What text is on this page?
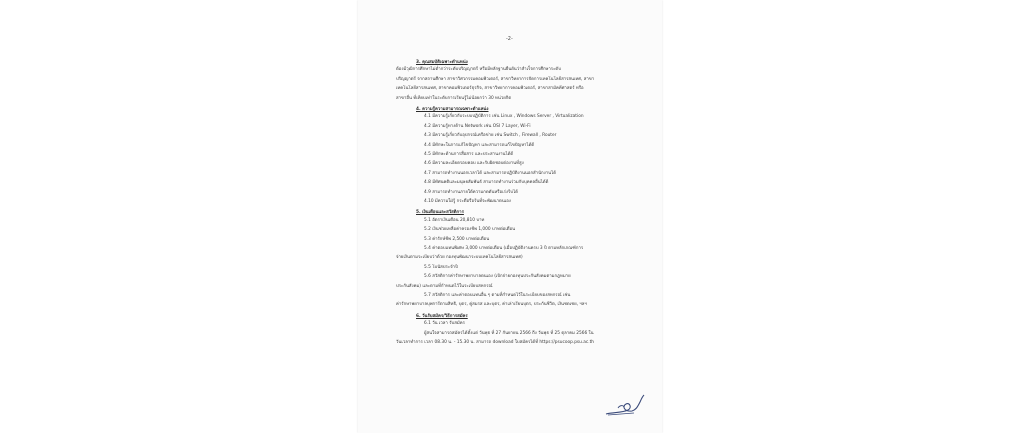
-2-
3. คุณสมบัติเฉพาะตำแหน่ง
ต้องมีวุฒิการศึกษาไม่ต่ำกว่าระดับปริญญาตรี หรือมีหลักฐานยืนยันว่าสำเร็จการศึกษาระดับ
ปริญญาตรี จากสถานศึกษา สาขาวิศวกรรมคอมพิวเตอร์, สาขาวิทยาการจัดการเทคโนโลยีสารสนเทศ, สาขา
เทคโนโลยีสารสนเทศ, สาขาคอมพิวเตอร์ธุรกิจ, สาขาวิทยาการคอมพิวเตอร์, สาขาสามัคคีศาสตร์ หรือ
สาขาอื่น ที่เทียบเท่าในระดับการเรียนรู้ไม่น้อยกว่า 30 หน่วยกิต
4. ความรู้ความสามารถเฉพาะตำแหน่ง
4.1 มีความรู้เกี่ยวกับระบบปฏิบัติการ เช่น Linux , Windows Server , Virtualization
4.2 มีความรู้ทางด้าน Network เช่น OSI 7 Layer, Wi-Fi
4.3 มีความรู้เกี่ยวกับอุปกรณ์เครือข่าย เช่น Switch , Firewall , Router
4.4 มีทักษะในการแก้ไขปัญหา และสามารถแก้ไขปัญหาได้ดี
4.5 มีทักษะด้านการสื่อสาร และประสานงานได้ดี
4.6 มีความละเอียดรอบคอบ และรับผิดชอบต่องานที่สูง
4.7 สามารถทำงานนอกเวลาได้ และสามารถปฏิบัติงานนอกสำนักงานได้
4.8 มีทัศนคติและมนุษยสัมพันธ์ สามารถทำงานร่วมกับบุคคลอื่นได้ดี
4.9 สามารถทำงานภายใต้ความกดดันหรือเร่งรีบได้
4.10 มีความใฝ่รู้ กระตือรือร้นที่จะพัฒนาตนเอง
5. เงินเดือนและสวัสดิการ
5.1 อัตราเงินเดือน 20,810 บาท
5.2 เงินช่วยเหลือค่าครองชีพ 1,000 บาทต่อเดือน
5.3 ค่ารักษ์ชีพ 2,500 บาทต่อเดือน
5.4 ค่าตอบแทนพิเศษ 3,000 บาทต่อเดือน (เมื่อปฏิบัติงานครบ 3 ปี ตามหลักเกณฑ์การ
จ่ายเงินตามระเบียบว่าด้วย กองทุนพัฒนาระบบเทคโนโลยีสารสนเทศ)
5.5 โบนัสประจำปี
5.6 สวัสดิการค่ารักษาพยาบาลตนเอง (เบิกจ่ายกองทุนประกันสังคมตามกฎหมาย
ประกันสังคม) และตามที่กำหนดไว้ในระเบียบสหกรณ์
5.7 สวัสดิการ และค่าตอบแทนอื่น ๆ ตามที่กำหนดไว้ในระเบียบของสหกรณ์ เช่น
ค่ารักษาพยาบาลบุพการีตามสิทธิ, บุตร, คู่สมรส และบุตร, ค่าเล่าเรียนบุตร, ประกันชีวิต, เงินชดเชย, ฯลฯ
6. วันรับสมัคร/วิธีการสมัคร
6.1 วัน เวลา รับสมัคร
ผู้สนใจสามารถสมัครได้ตั้งแต่ วันพุธ ที่ 27 กันยายน 2566 ถึง วันพุธ ที่ 25 ตุลาคม 2566 ใน
วันเวลาทำการ เวลา 08.30 น. - 15.30 น. สามารถ download ใบสมัครได้ที่ https://psucoop.psu.ac.th
